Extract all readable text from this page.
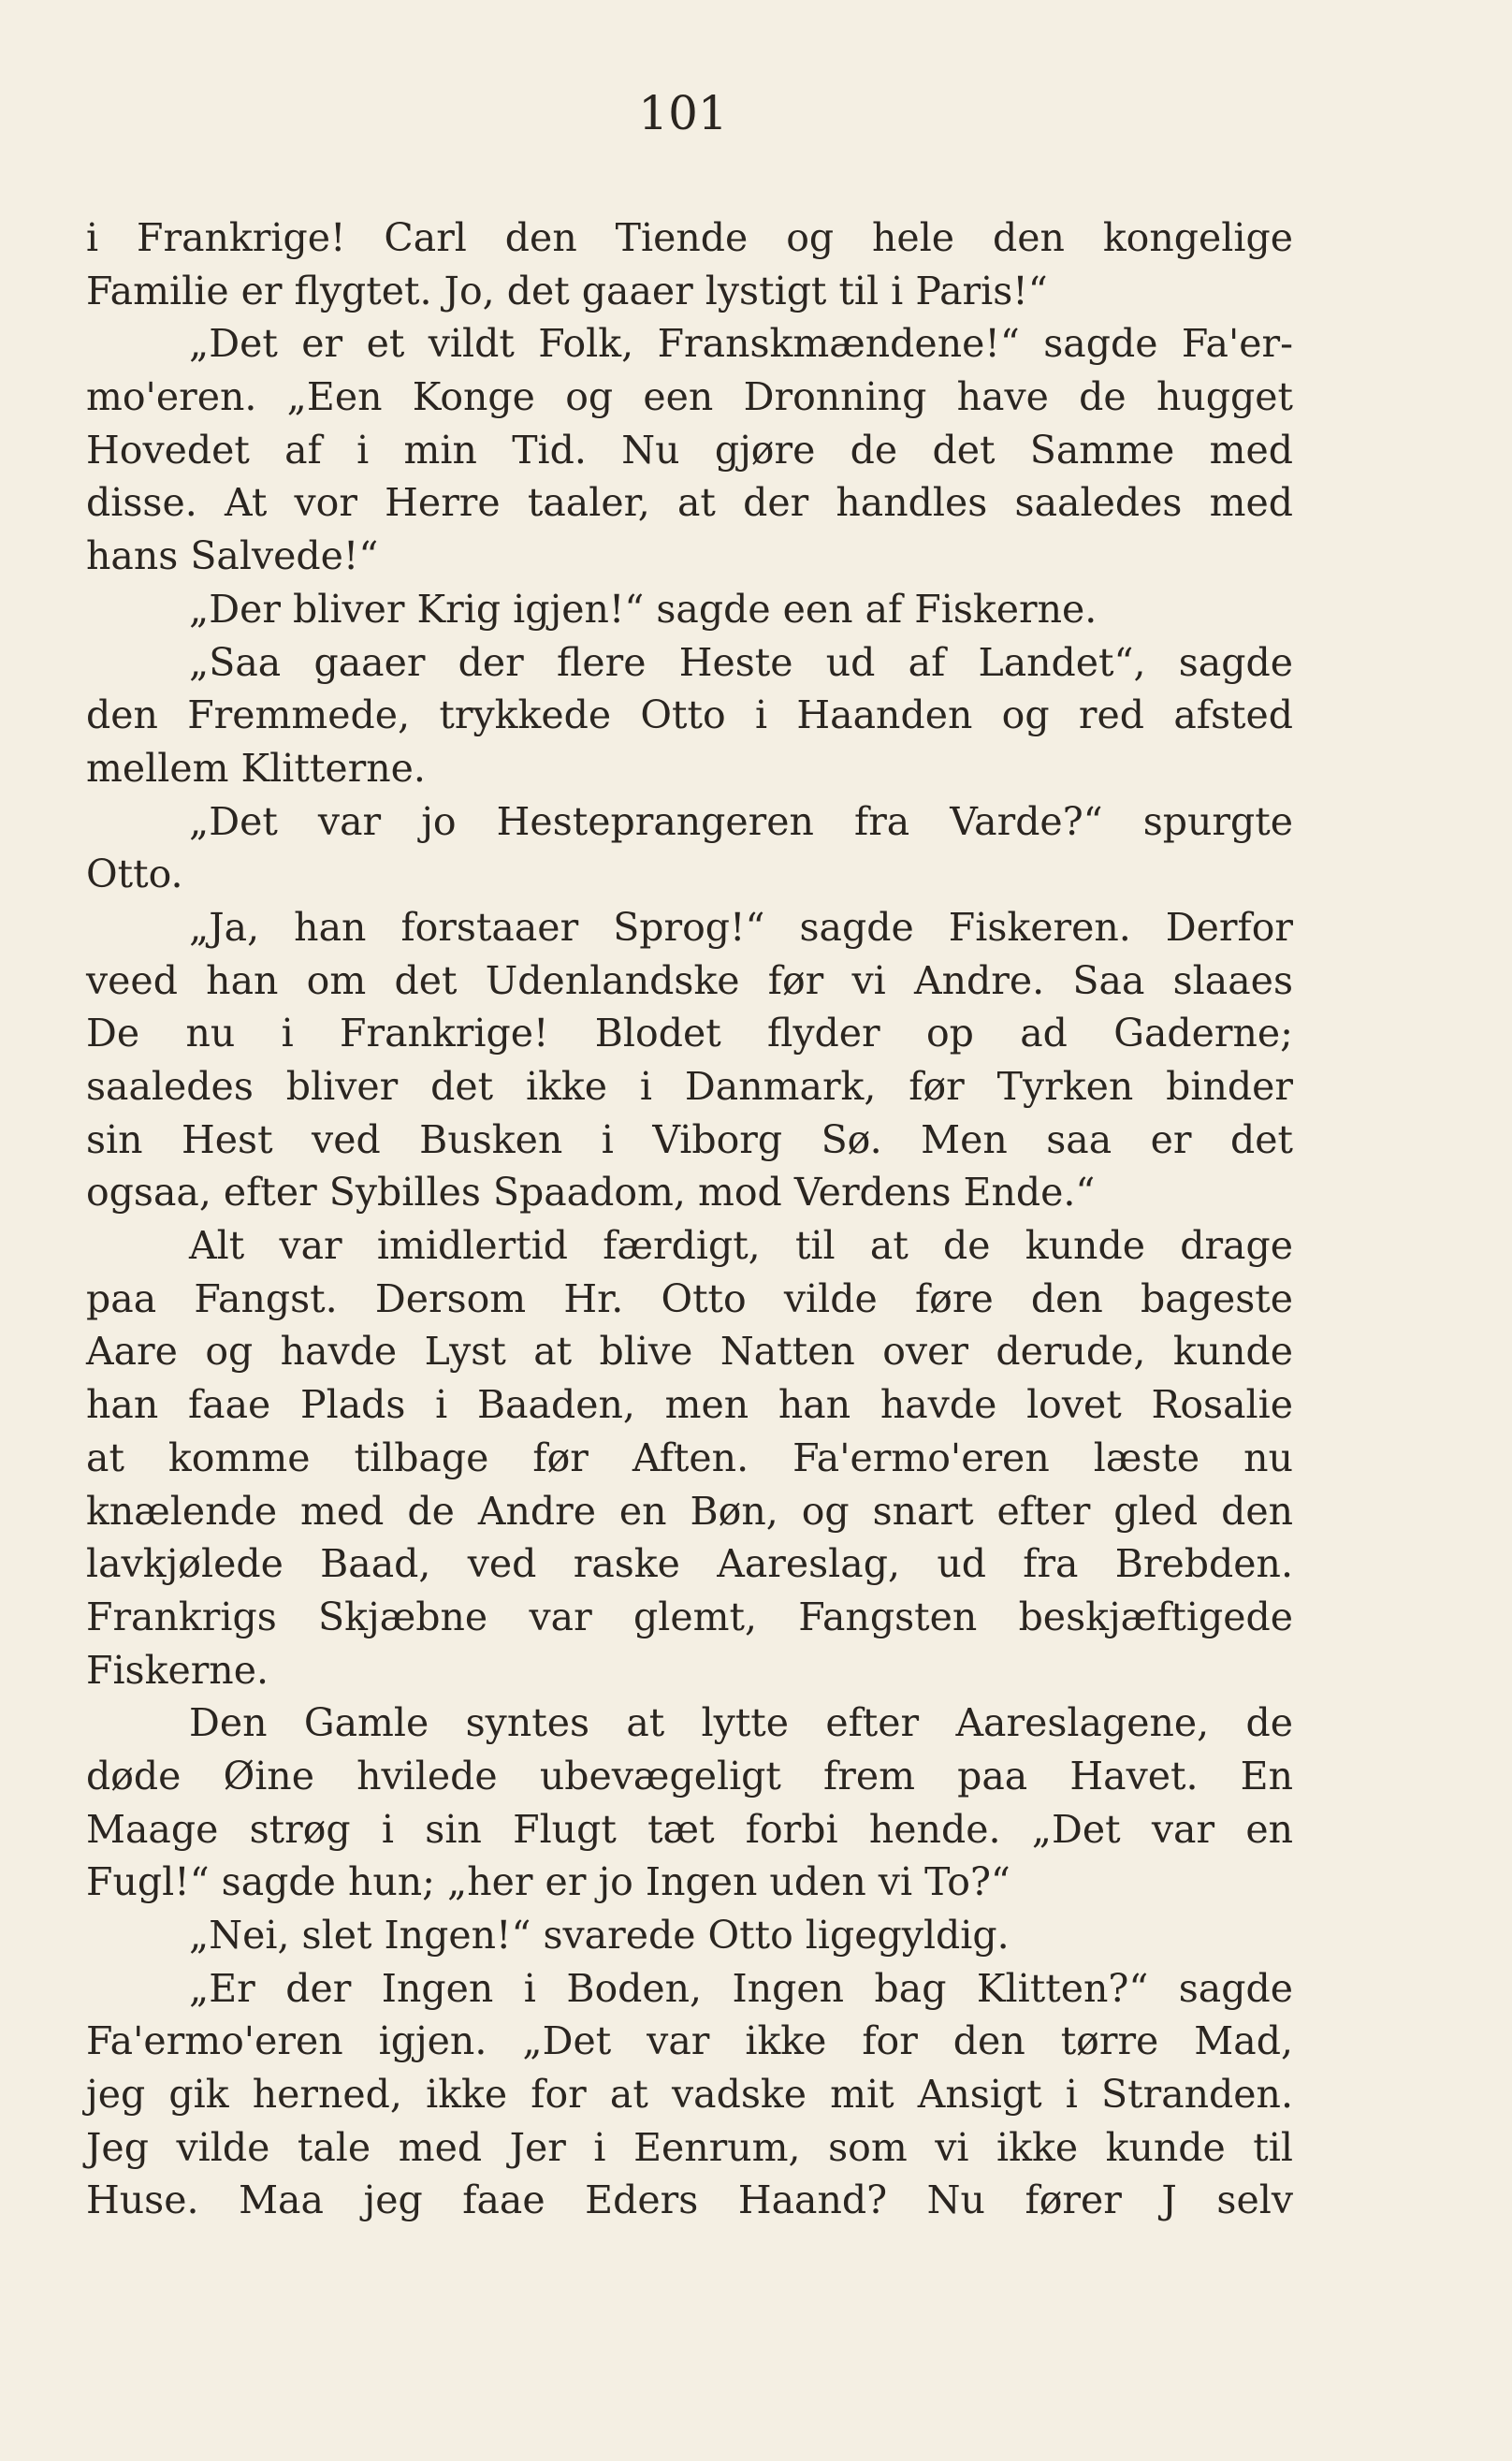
101
i Frankrige! Carl den Tiende og hele den kongelige
Familie er flygtet. Jo, det gaaer lystigt til i Paris!“
„Det er et vildt Folk, Franskmændene!“ sagde Fa'er-
mo'eren. „Een Konge og een Dronning have de hugget
Hovedet af i min Tid. Nu gjøre de det Samme med
disse. At vor Herre taaler, at der handles saaledes med
hans Salvede!“
„Der bliver Krig igjen!“ sagde een af Fiskerne.
„Saa gaaer der flere Heste ud af Landet“, sagde
den Fremmede, trykkede Otto i Haanden og red afsted
mellem Klitterne.
„Det var jo Hesteprangeren fra Varde?“ spurgte
Otto.
„Ja, han forstaaer Sprog!“ sagde Fiskeren. Derfor
veed han om det Udenlandske før vi Andre. Saa slaaes
De nu i Frankrige! Blodet flyder op ad Gaderne;
saaledes bliver det ikke i Danmark, før Tyrken binder
sin Hest ved Busken i Viborg Sø. Men saa er det
ogsaa, efter Sybilles Spaadom, mod Verdens Ende.“
Alt var imidlertid færdigt, til at de kunde drage
paa Fangst. Dersom Hr. Otto vilde føre den bageste
Aare og havde Lyst at blive Natten over derude, kunde
han faae Plads i Baaden, men han havde lovet Rosalie
at komme tilbage før Aften. Fa'ermo'eren læste nu
knælende med de Andre en Bøn, og snart efter gled den
lavkjølede Baad, ved raske Aareslag, ud fra Brebden.
Frankrigs Skjæbne var glemt, Fangsten beskjæftigede
Fiskerne.
Den Gamle syntes at lytte efter Aareslagene, de
døde Øine hvilede ubevægeligt frem paa Havet. En
Maage strøg i sin Flugt tæt forbi hende. „Det var en
Fugl!“ sagde hun; „her er jo Ingen uden vi To?“
„Nei, slet Ingen!“ svarede Otto ligegyldig.
„Er der Ingen i Boden, Ingen bag Klitten?“ sagde
Fa'ermo'eren igjen. „Det var ikke for den tørre Mad,
jeg gik herned, ikke for at vadske mit Ansigt i Stranden.
Jeg vilde tale med Jer i Eenrum, som vi ikke kunde til
Huse. Maa jeg faae Eders Haand? Nu fører J selv
